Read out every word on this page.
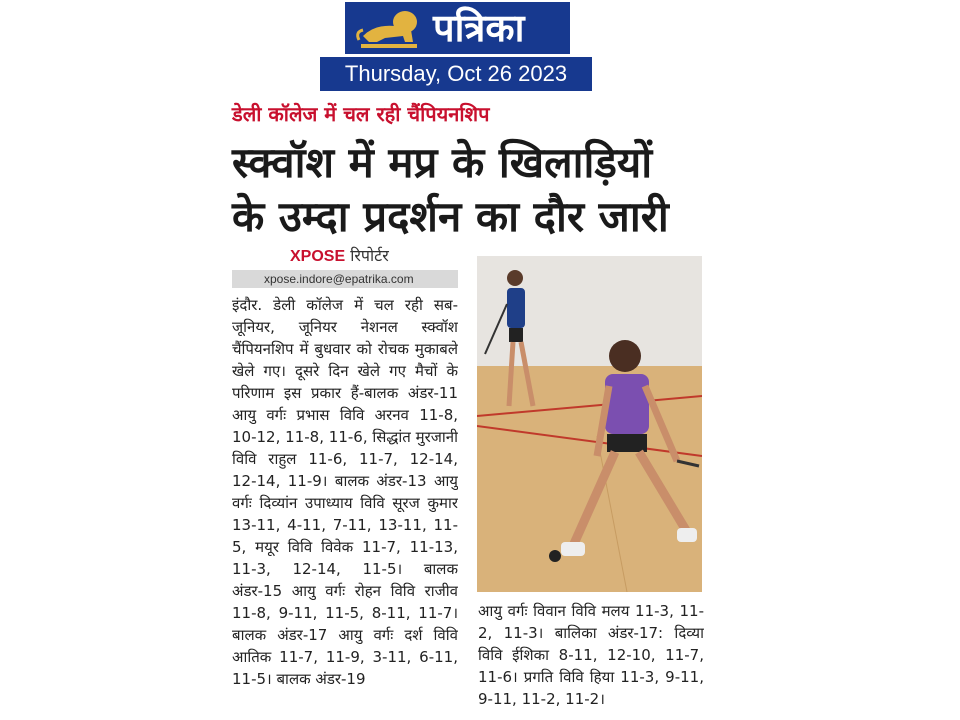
पत्रिका
Thursday, Oct 26 2023
डेली कॉलेज में चल रही चैंपियनशिप
स्क्वॉश में मप्र के खिलाड़ियों
के उम्दा प्रदर्शन का दौर जारी
XPOSE रिपोर्टर
xpose.indore@epatrika.com
इंदौर. डेली कॉलेज में चल रही सब-जूनियर, जूनियर नेशनल स्क्वॉश चैंपियनशिप में बुधवार को रोचक मुकाबले खेले गए। दूसरे दिन खेले गए मैचों के परिणाम इस प्रकार हैं-बालक अंडर-11 आयु वर्गः प्रभास विवि अरनव 11-8, 10-12, 11-8, 11-6, सिद्धांत मुरजानी विवि राहुल 11-6, 11-7, 12-14, 12-14, 11-9। बालक अंडर-13 आयु वर्गः दिव्यांन उपाध्याय विवि सूरज कुमार 13-11, 4-11, 7-11, 13-11, 11-5, मयूर विवि विवेक 11-7, 11-13, 11-3, 12-14, 11-5। बालक अंडर-15 आयु वर्गः रोहन विवि राजीव 11-8, 9-11, 11-5, 8-11, 11-7। बालक अंडर-17 आयु वर्गः दर्श विवि आतिक 11-7, 11-9, 3-11, 6-11, 11-5। बालक अंडर-19
आयु वर्गः विवान विवि मलय 11-3, 11-2, 11-3। बालिका अंडर-17: दिव्या विवि ईशिका 8-11, 12-10, 11-7, 11-6। प्रगति विवि हिया 11-3, 9-11, 9-11, 11-2, 11-2।
